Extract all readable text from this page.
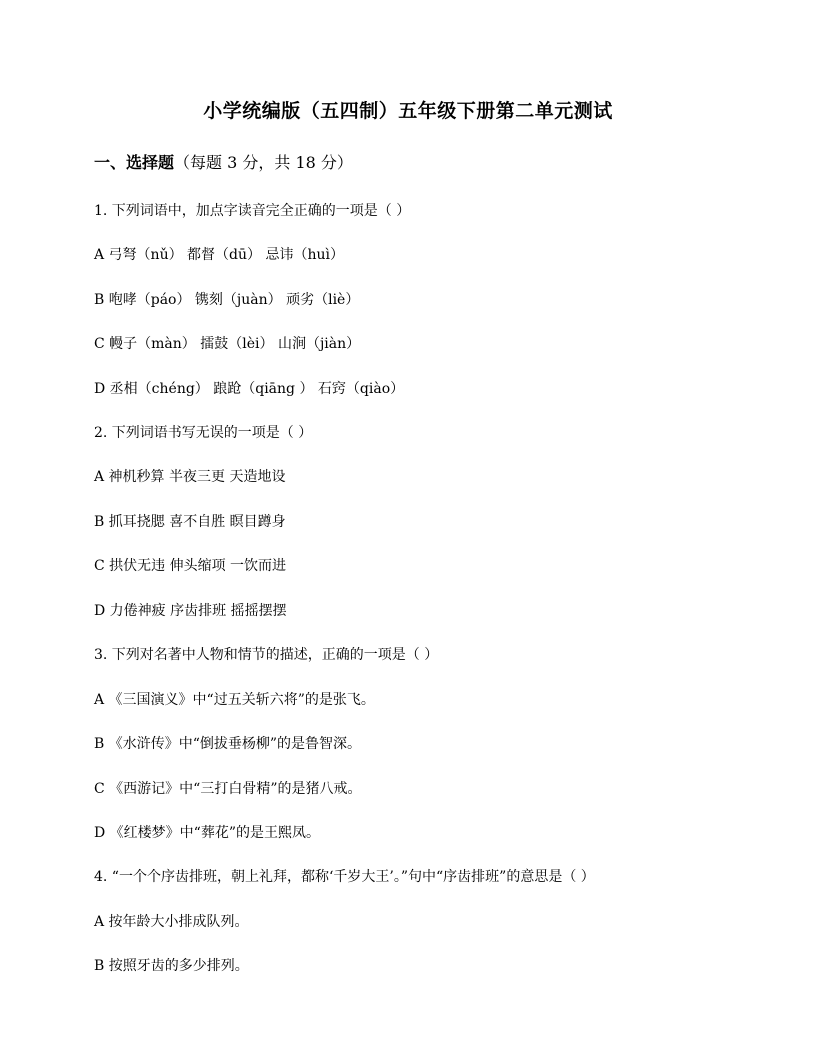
小学统编版（五四制）五年级下册第二单元测试
一、选择题（每题 3 分，共 18 分）
1. 下列词语中，加点字读音完全正确的一项是（ ）
A 弓弩（nǔ） 都督（dū） 忌讳（huì）
B 咆哮（páo） 镌刻（juàn） 顽劣（liè）
C 幔子（màn） 擂鼓（lèi） 山涧（jiàn）
D 丞相（chéng） 踉跄（qiāng ） 石窍（qiào）
2. 下列词语书写无误的一项是（ ）
A 神机秒算 半夜三更 天造地设
B 抓耳挠腮 喜不自胜 瞑目蹲身
C 拱伏无违 伸头缩项 一饮而进
D 力倦神疲 序齿排班 摇摇摆摆
3. 下列对名著中人物和情节的描述，正确的一项是（ ）
A 《三国演义》中“过五关斩六将”的是张飞。
B 《水浒传》中“倒拔垂杨柳”的是鲁智深。
C 《西游记》中“三打白骨精”的是猪八戒。
D 《红楼梦》中“葬花”的是王熙凤。
4. “一个个序齿排班，朝上礼拜，都称‘千岁大王’。”句中“序齿排班”的意思是（ ）
A 按年龄大小排成队列。
B 按照牙齿的多少排列。
